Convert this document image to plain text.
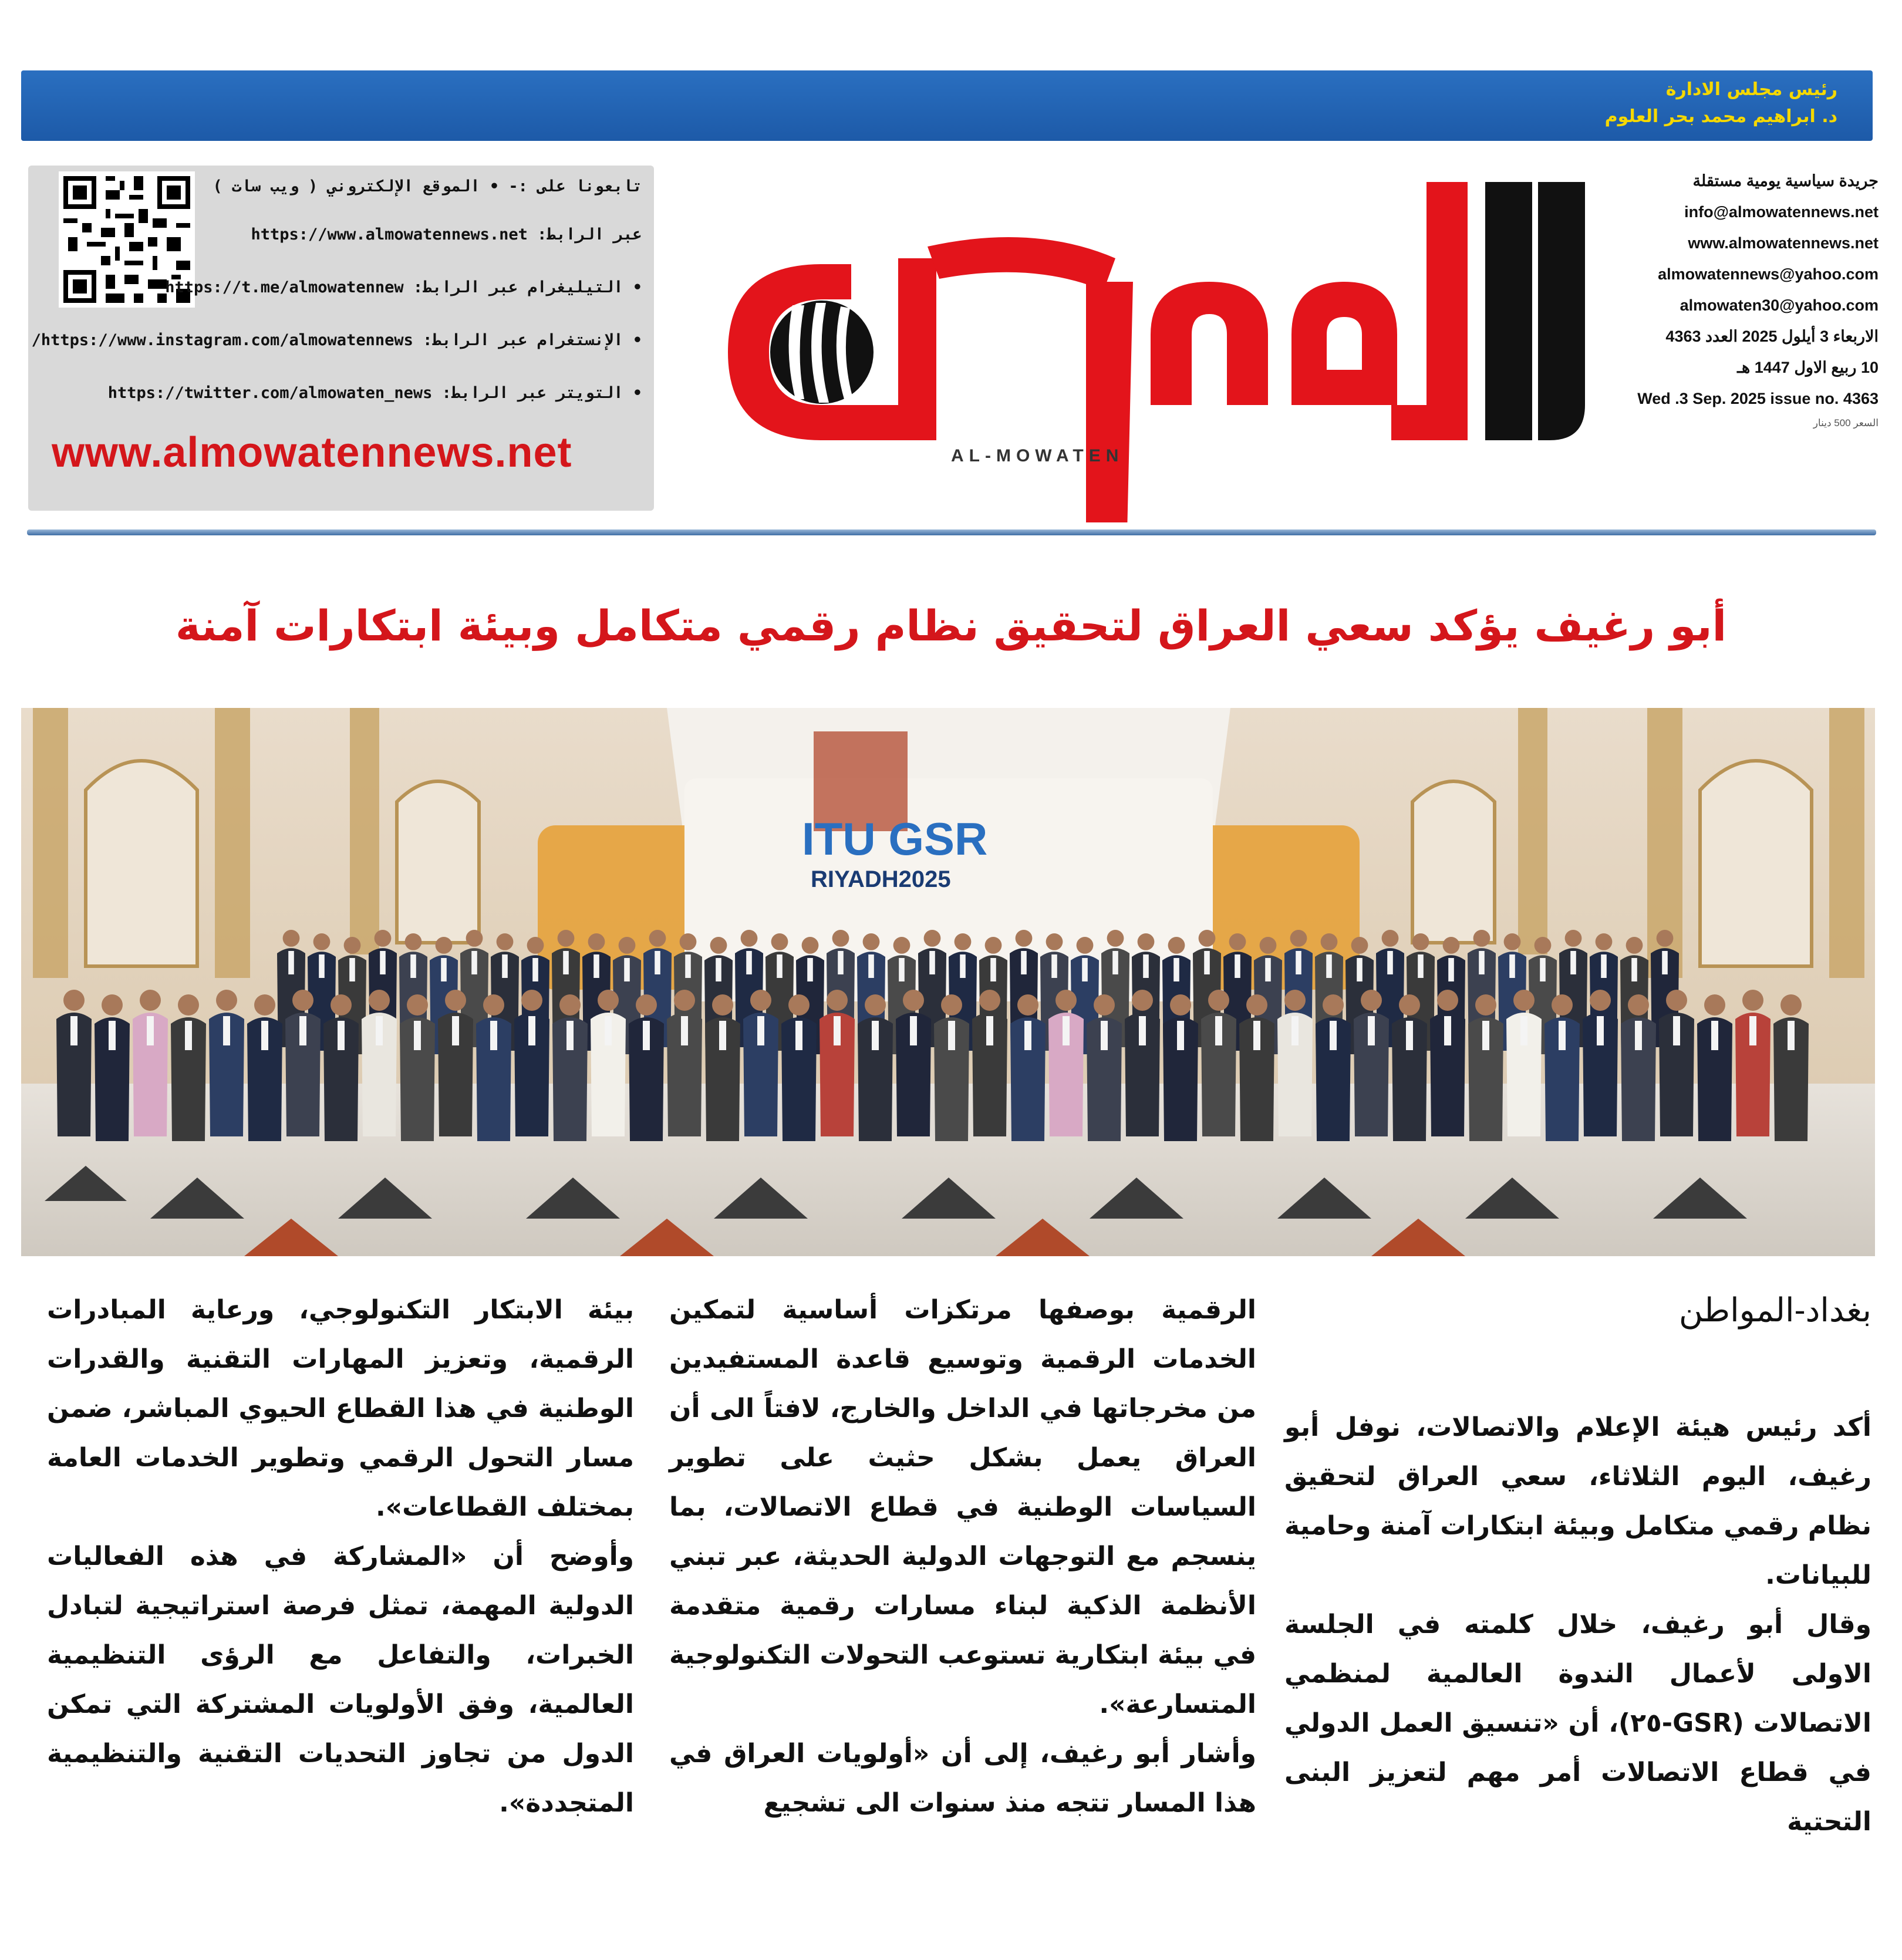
رئيس مجلس الادارة
د. ابراهيم محمد بحر العلوم
تابعونا على :- • الموقع الإلكتروني ( ويب سات )
عبر الرابط: https://www.almowatennews.net
• التيليغرام عبر الرابط: https://t.me/almowatennew
• الإنستغرام عبر الرابط: https://www.instagram.com/almowatennews/
• التويتر عبر الرابط: https://twitter.com/almowaten_news
www.almowatennews.net	AL-MOWATEN
جريدة سياسية يومية مستقلة
info@almowatennews.net
www.almowatennews.net
almowatennews@yahoo.com
almowaten30@yahoo.com
الاربعاء 3 أيلول 2025 العدد 4363
10 ربيع الاول 1447 هـ
Wed .3 Sep. 2025 issue no. 4363
السعر 500 دينار
أبو رغيف يؤكد سعي العراق لتحقيق نظام رقمي متكامل وبيئة ابتكارات آمنة
ITU GSR
RIYADH2025
بغداد-المواطن

أكد رئيس هيئة الإعلام والاتصالات، نوفل أبو رغيف، اليوم الثلاثاء، سعي العراق لتحقيق نظام رقمي متكامل وبيئة ابتكارات آمنة وحامية للبيانات.

وقال أبو رغيف، خلال كلمته في الجلسة الاولى لأعمال الندوة العالمية لمنظمي الاتصالات (GSR-٢٥)، أن «تنسيق العمل الدولي في قطاع الاتصالات أمر مهم لتعزيز البنى التحتية

الرقمية بوصفها مرتكزات أساسية لتمكين الخدمات الرقمية وتوسيع قاعدة المستفيدين من مخرجاتها في الداخل والخارج، لافتاً الى أن العراق يعمل بشكل حثيث على تطوير السياسات الوطنية في قطاع الاتصالات، بما ينسجم مع التوجهات الدولية الحديثة، عبر تبني الأنظمة الذكية لبناء مسارات رقمية متقدمة في بيئة ابتكارية تستوعب التحولات التكنولوجية المتسارعة».

وأشار أبو رغيف، إلى أن «أولويات العراق في هذا المسار تتجه منذ سنوات الى تشجيع

بيئة الابتكار التكنولوجي، ورعاية المبادرات الرقمية، وتعزيز المهارات التقنية والقدرات الوطنية في هذا القطاع الحيوي المباشر، ضمن مسار التحول الرقمي وتطوير الخدمات العامة بمختلف القطاعات».

وأوضح أن «المشاركة في هذه الفعاليات الدولية المهمة، تمثل فرصة استراتيجية لتبادل الخبرات، والتفاعل مع الرؤى التنظيمية العالمية، وفق الأولويات المشتركة التي تمكن الدول من تجاوز التحديات التقنية والتنظيمية المتجددة».
